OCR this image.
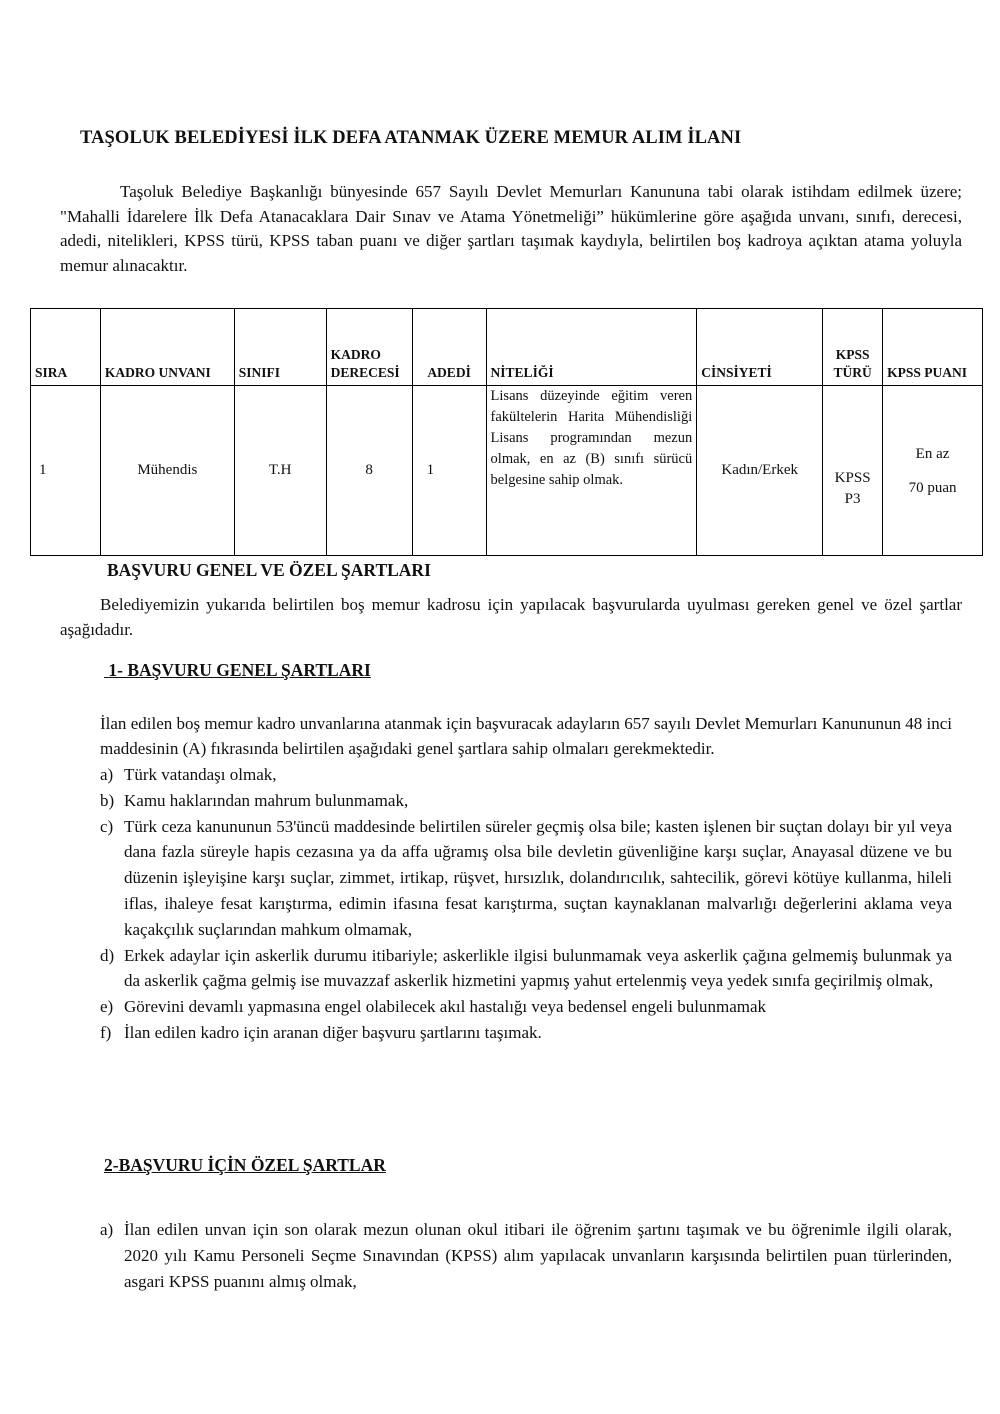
TAŞOLUK BELEDİYESİ İLK DEFA ATANMAK ÜZERE MEMUR ALIM İLANI
Taşoluk Belediye Başkanlığı bünyesinde 657 Sayılı Devlet Memurları Kanununa tabi olarak istihdam edilmek üzere; "Mahalli İdarelere İlk Defa Atanacaklara Dair Sınav ve Atama Yönetmeliği” hükümlerine göre aşağıda unvanı, sınıfı, derecesi, adedi, nitelikleri, KPSS türü, KPSS taban puanı ve diğer şartları taşımak kaydıyla, belirtilen boş kadroya açıktan atama yoluyla memur alınacaktır.
SIRA	KADRO UNVANI	SINIFI	KADRO DERECESİ	ADEDİ	NİTELİĞİ	CİNSİYETİ	KPSS TÜRÜ	KPSS PUANI
1	Mühendis	T.H	8	1	Lisans düzeyinde eğitim veren fakültelerin Harita Mühendisliği Lisans programından mezun olmak, en az (B) sınıfı sürücü belgesine sahip olmak.	Kadın/Erkek	KPSS P3	En az
70 puan
BAŞVURU GENEL VE ÖZEL ŞARTLARI
Belediyemizin yukarıda belirtilen boş memur kadrosu için yapılacak başvurularda uyulması gereken genel ve özel şartlar aşağıdadır.
1- BAŞVURU GENEL ŞARTLARI
İlan edilen boş memur kadro unvanlarına atanmak için başvuracak adayların 657 sayılı Devlet Memurları Kanununun 48 inci maddesinin (A) fıkrasında belirtilen aşağıdaki genel şartlara sahip olmaları gerekmektedir.
a) Türk vatandaşı olmak,
b) Kamu haklarından mahrum bulunmamak,
c) Türk ceza kanununun 53'üncü maddesinde belirtilen süreler geçmiş olsa bile; kasten işlenen bir suçtan dolayı bir yıl veya dana fazla süreyle hapis cezasına ya da affa uğramış olsa bile devletin güvenliğine karşı suçlar, Anayasal düzene ve bu düzenin işleyişine karşı suçlar, zimmet, irtikap, rüşvet, hırsızlık, dolandırıcılık, sahtecilik, görevi kötüye kullanma, hileli iflas, ihaleye fesat karıştırma, edimin ifasına fesat karıştırma, suçtan kaynaklanan malvarlığı değerlerini aklama veya kaçakçılık suçlarından mahkum olmamak,
d) Erkek adaylar için askerlik durumu itibariyle; askerlikle ilgisi bulunmamak veya askerlik çağına gelmemiş bulunmak ya da askerlik çağma gelmiş ise muvazzaf askerlik hizmetini yapmış yahut ertelenmiş veya yedek sınıfa geçirilmiş olmak,
e) Görevini devamlı yapmasına engel olabilecek akıl hastalığı veya bedensel engeli bulunmamak
f) İlan edilen kadro için aranan diğer başvuru şartlarını taşımak.
2-BAŞVURU İÇİN ÖZEL ŞARTLAR
a) İlan edilen unvan için son olarak mezun olunan okul itibari ile öğrenim şartını taşımak ve bu öğrenimle ilgili olarak, 2020 yılı Kamu Personeli Seçme Sınavından (KPSS) alım yapılacak unvanların karşısında belirtilen puan türlerinden, asgari KPSS puanını almış olmak,
